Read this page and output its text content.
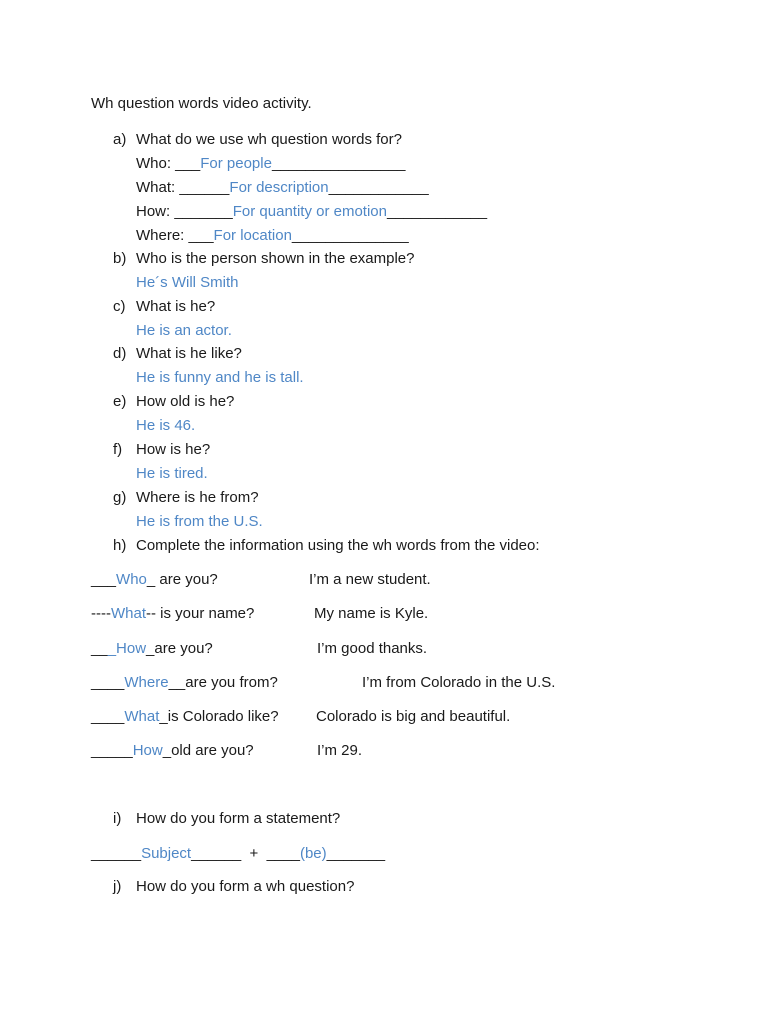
Wh question words video activity.
a) What do we use wh question words for?
Who: ___For people________________
What: ______For description____________
How: _______For quantity or emotion____________
Where: ___For location______________
b) Who is the person shown in the example?
He´s Will Smith
c) What is he?
He is an actor.
d) What is he like?
He is funny and he is tall.
e) How old is he?
He is 46.
f) How is he?
He is tired.
g) Where is he from?
He is from the U.S.
h) Complete the information using the wh words from the video:
___Who_ are you?	I’m a new student.
----What-- is your name?	My name is Kyle.
___How_are you?	I’m good thanks.
____Where__are you from?	I’m from Colorado in the U.S.
____What_is Colorado like? Colorado is big and beautiful.
_____How_old are you?	I’m 29.
i) How do you form a statement?
______Subject______  +  ____(be)_______
j) How do you form a wh question?
